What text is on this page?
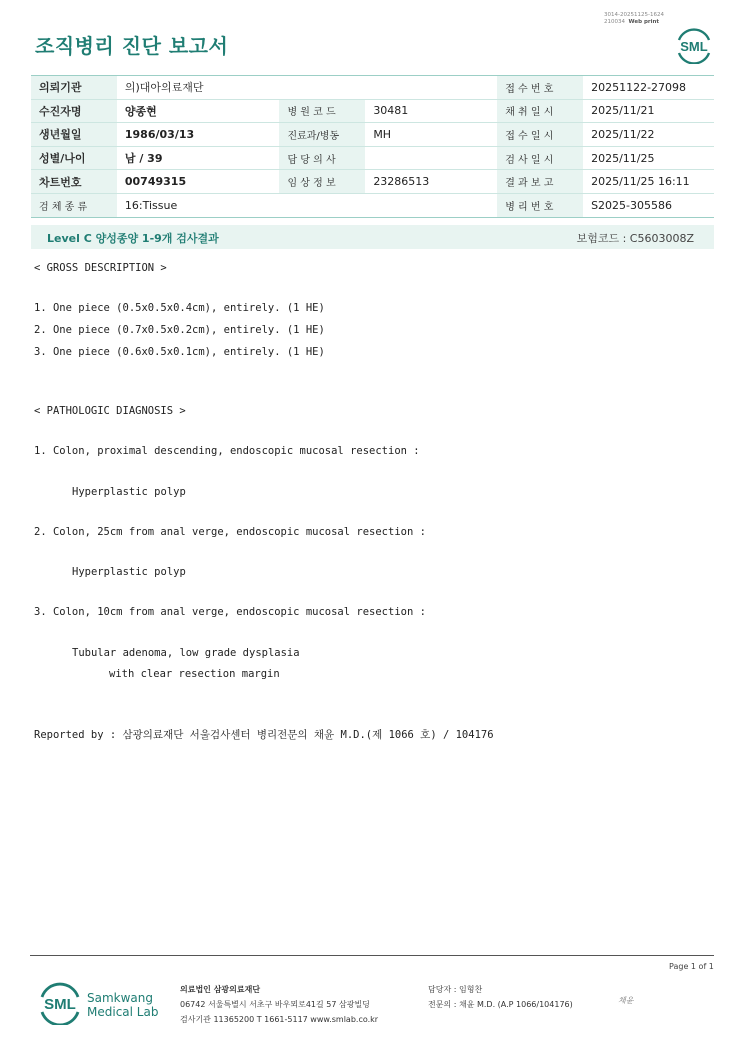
조직병리 진단 보고서
3014-20251125-1624
210034 Web print
SML
의뢰기관	의)대아의료재단			접 수 번 호	20251122-27098
수진자명	양종현	병 원 코 드	30481	채 취 일 시	2025/11/21
생년월일	1986/03/13	진료과/병동	MH	접 수 일 시	2025/11/22
성별/나이	남 / 39	담 당 의 사		검 사 일 시	2025/11/25
차트번호	00749315	임 상 정 보	23286513	결 과 보 고	2025/11/25 16:11
검 체 종 류	16:Tissue			병 리 번 호	S2025-305586
Level C 양성종양 1-9개 검사결과	보험코드 : C5603008Z
< GROSS DESCRIPTION >
1. One piece (0.5x0.5x0.4cm), entirely. (1 HE)
2. One piece (0.7x0.5x0.2cm), entirely. (1 HE)
3. One piece (0.6x0.5x0.1cm), entirely. (1 HE)
< PATHOLOGIC DIAGNOSIS >
1. Colon, proximal descending, endoscopic mucosal resection :
Hyperplastic polyp
2. Colon, 25cm from anal verge, endoscopic mucosal resection :
Hyperplastic polyp
3. Colon, 10cm from anal verge, endoscopic mucosal resection :
Tubular adenoma, low grade dysplasia
with clear resection margin
Reported by : 삼광의료재단 서울검사센터 병리전문의 채윤 M.D.(제 1066 호) / 104176
Page 1 of 1
SML Samkwang
Medical Lab
의료법인 삼광의료재단
06742 서울특별시 서초구 바우뫼로41길 57 삼광빌딩
검사기관 11365200 T 1661-5117 www.smlab.co.kr
담당자 : 임형찬
전문의 : 채윤 M.D. (A.P 1066/104176)	채윤
